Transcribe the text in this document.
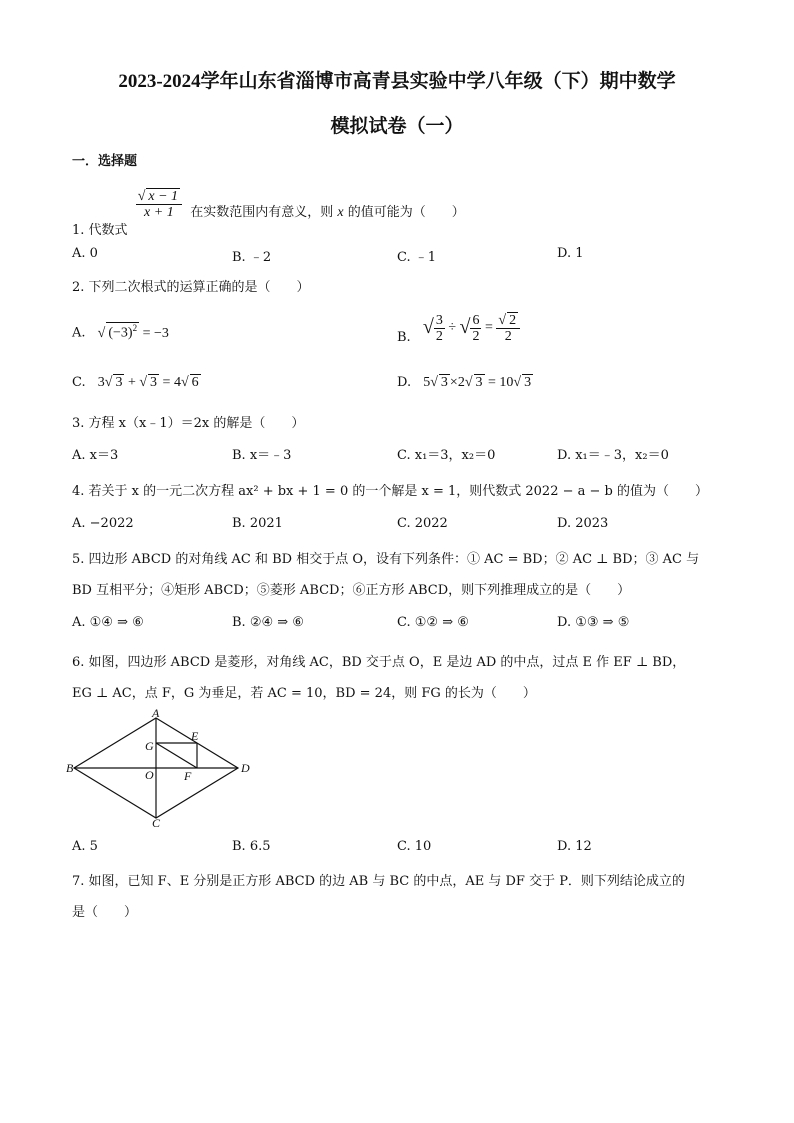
2023-2024学年山东省淄博市高青县实验中学八年级（下）期中数学
模拟试卷（一）
一．选择题
1. 代数式
$\frac{√ x - 1}{x + 1}$ 在实数范围内有意义，则 x 的值可能为（　　）
A. 0	B. ﹣2	C. ﹣1	D. 1
2. 下列二次根式的运算正确的是（　　）
A. √ $(-3)^2 = -3$	B. √ $\frac{3}{2}$ ÷ √ $\frac{6}{2} = \frac{√ 2}{2}$
C. 3√ 3 + √ 3 = 4√ 6	D. 5√ 3 ×2√ 3 = 10√ 3
3. 方程 x（x﹣1）＝2x 的解是（　　）
A. x＝3	B. x＝﹣3	C. x₁＝3，x₂＝0	D. x₁＝﹣3，x₂＝0
4. 若关于 x 的一元二次方程 ax² + bx + 1 = 0 的一个解是 x = 1，则代数式 2022 − a − b 的值为（　　）
A. −2022	B. 2021	C. 2022	D. 2023
5. 四边形 ABCD 的对角线 AC 和 BD 相交于点 O，设有下列条件：① AC = BD；② AC ⊥ BD；③ AC 与
BD 互相平分；④矩形 ABCD；⑤菱形 ABCD；⑥正方形 ABCD，则下列推理成立的是（　　）
A. ①④ ⇒ ⑥	B. ②④ ⇒ ⑥	C. ①② ⇒ ⑥	D. ①③ ⇒ ⑤
6. 如图，四边形 ABCD 是菱形，对角线 AC，BD 交于点 O，E 是边 AD 的中点，过点 E 作 EF ⊥ BD，
EG ⊥ AC，点 F，G 为垂足，若 AC = 10，BD = 24，则 FG 的长为（　　）
A
B
C
D
E
F
G
O
A. 5	B. 6.5	C. 10	D. 12
7. 如图，已知 F、E 分别是正方形 ABCD 的边 AB 与 BC 的中点，AE 与 DF 交于 P．则下列结论成立的
是（　　）
